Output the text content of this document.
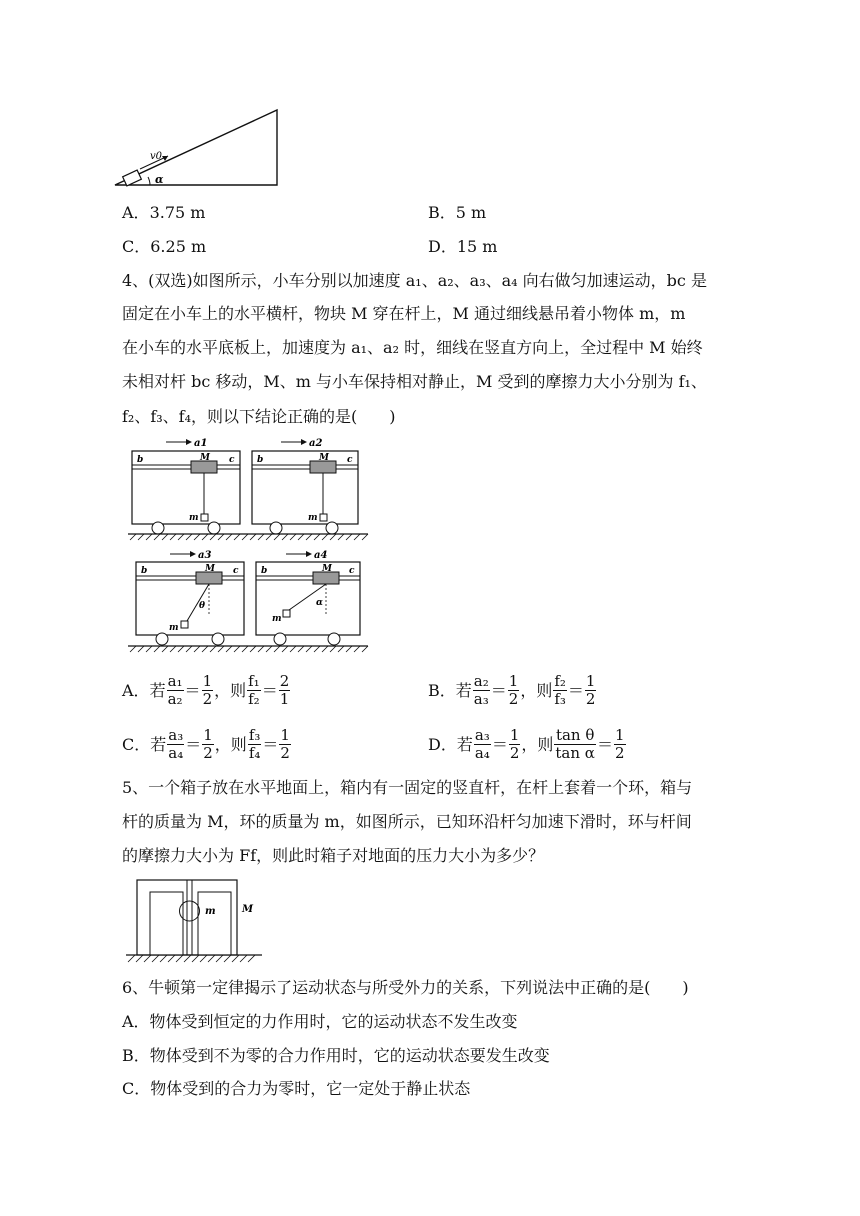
v0
α
A．3.75 m	B．5 m
C．6.25 m	D．15 m
4、(双选)如图所示，小车分别以加速度 a₁、a₂、a₃、a₄ 向右做匀加速运动，bc 是
固定在小车上的水平横杆，物块 M 穿在杆上，M 通过细线悬吊着小物体 m，m
在小车的水平底板上，加速度为 a₁、a₂ 时，细线在竖直方向上，全过程中 M 始终
未相对杆 bc 移动，M、m 与小车保持相对静止，M 受到的摩擦力大小分别为 f₁、
f₂、f₃、f₄，则以下结论正确的是(　　)
a1
b	c
M
m
a2
b	c
M
m
a3
b	c
M
m
θ
a4
b	c
M
m
α
A． 若 $\frac{\text{a₁}}{\text{a₂}} = \frac{1}{2}$ ，则 $\frac{\text{f₁}}{\text{f₂}} = \frac{2}{1}$	B． 若 $\frac{\text{a₂}}{\text{a₃}} = \frac{1}{2}$ ，则 $\frac{\text{f₂}}{\text{f₃}} = \frac{1}{2}$
C． 若 $\frac{\text{a₃}}{\text{a₄}} = \frac{1}{2}$ ，则 $\frac{\text{f₃}}{\text{f₄}} = \frac{1}{2}$	D． 若 $\frac{\text{a₃}}{\text{a₄}} = \frac{1}{2}$ ，则 $\frac{\text{tan θ}}{\text{tan α}} = \frac{1}{2}$
5、一个箱子放在水平地面上，箱内有一固定的竖直杆，在杆上套着一个环，箱与
杆的质量为 M，环的质量为 m，如图所示，已知环沿杆匀加速下滑时，环与杆间
的摩擦力大小为 Ff，则此时箱子对地面的压力大小为多少？
m	M
6、牛顿第一定律揭示了运动状态与所受外力的关系，下列说法中正确的是(　　)
A．物体受到恒定的力作用时，它的运动状态不发生改变
B．物体受到不为零的合力作用时，它的运动状态要发生改变
C．物体受到的合力为零时，它一定处于静止状态
